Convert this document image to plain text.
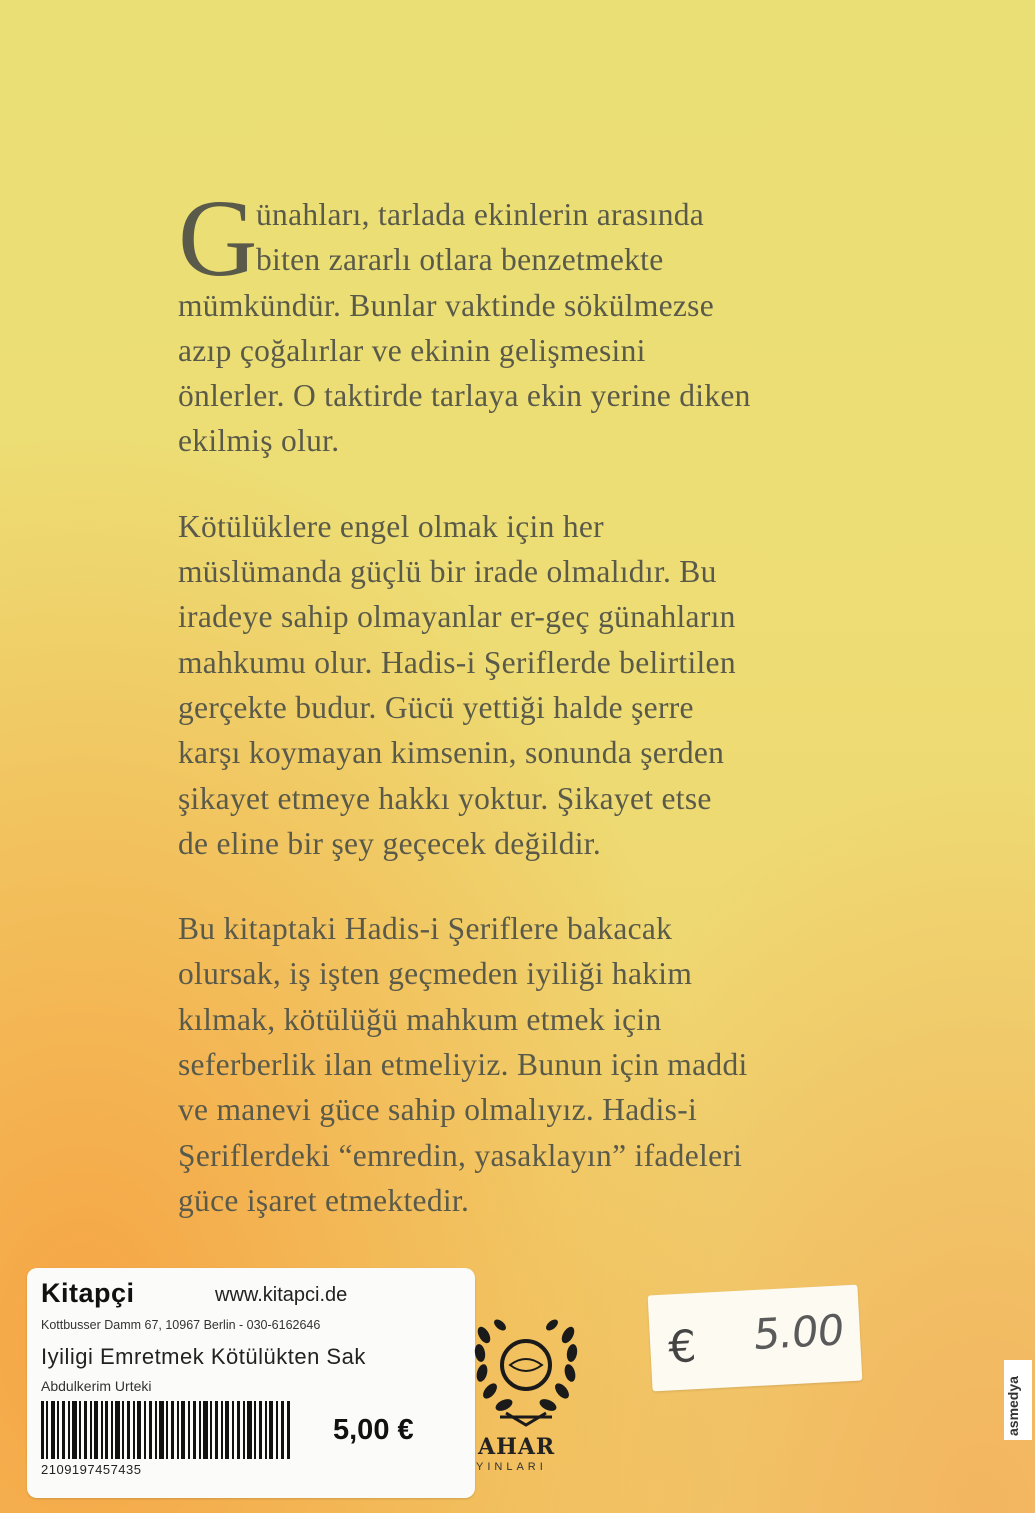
G

ünahları, tarlada ekinlerin arasında
biten zararlı otlara benzetmekte
mümkündür. Bunlar vaktinde sökülmezse
azıp çoğalırlar ve ekinin gelişmesini
önlerler. O taktirde tarlaya ekin yerine diken
ekilmiş olur.

Kötülüklere engel olmak için her
müslümanda güçlü bir irade olmalıdır. Bu
iradeye sahip olmayanlar er-geç günahların
mahkumu olur. Hadis-i Şeriflerde belirtilen
gerçekte budur. Gücü yettiği halde şerre
karşı koymayan kimsenin, sonunda şerden
şikayet etmeye hakkı yoktur. Şikayet etse
de eline bir şey geçecek değildir.

Bu kitaptaki Hadis-i Şeriflere bakacak
olursak, iş işten geçmeden iyiliği hakim
kılmak, kötülüğü mahkum etmek için
seferberlik ilan etmeliyiz. Bunun için maddi
ve manevi güce sahip olmalıyız. Hadis-i
Şeriflerdeki “emredin, yasaklayın” ifadeleri
güce işaret etmektedir.

Kitapçi	www.kitapci.de
Kottbusser Damm 67, 10967 Berlin - 030-6162646
Iyiligi Emretmek Kötülükten Sak
Abdulkerim Urteki
2109197457435
5,00 €
AHAR
YINLARI
€ 5.00
asmedya
